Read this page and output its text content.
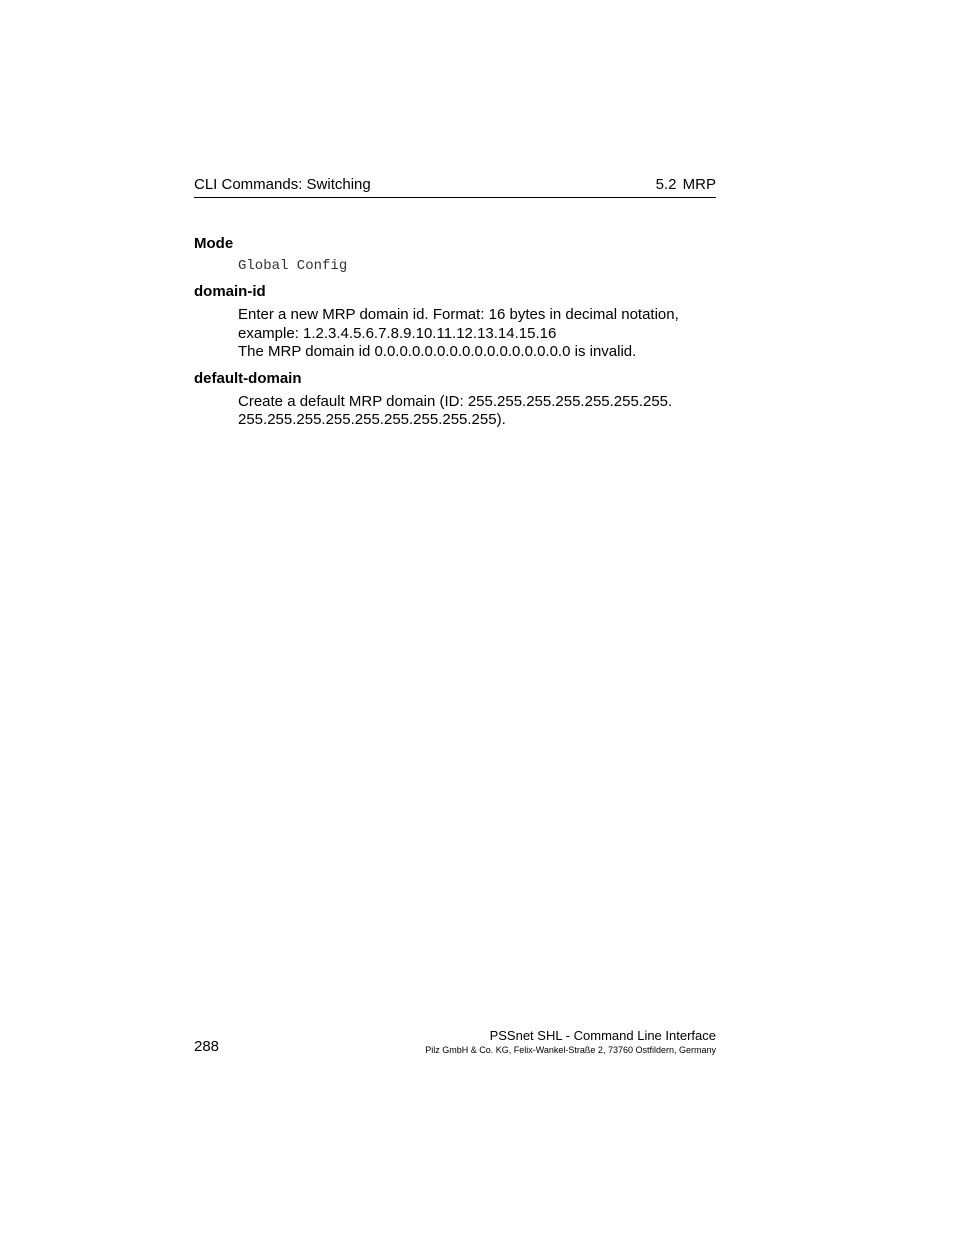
CLI Commands: Switching	5.2 MRP
Mode
Global Config
domain-id
Enter a new MRP domain id. Format: 16 bytes in decimal notation,
example: 1.2.3.4.5.6.7.8.9.10.11.12.13.14.15.16
The MRP domain id 0.0.0.0.0.0.0.0.0.0.0.0.0.0.0.0 is invalid.
default-domain
Create a default MRP domain (ID: 255.255.255.255.255.255.255.
255.255.255.255.255.255.255.255.255).
288
PSSnet SHL - Command Line Interface
Pilz GmbH & Co. KG, Felix-Wankel-Straße 2, 73760 Ostfildern, Germany
